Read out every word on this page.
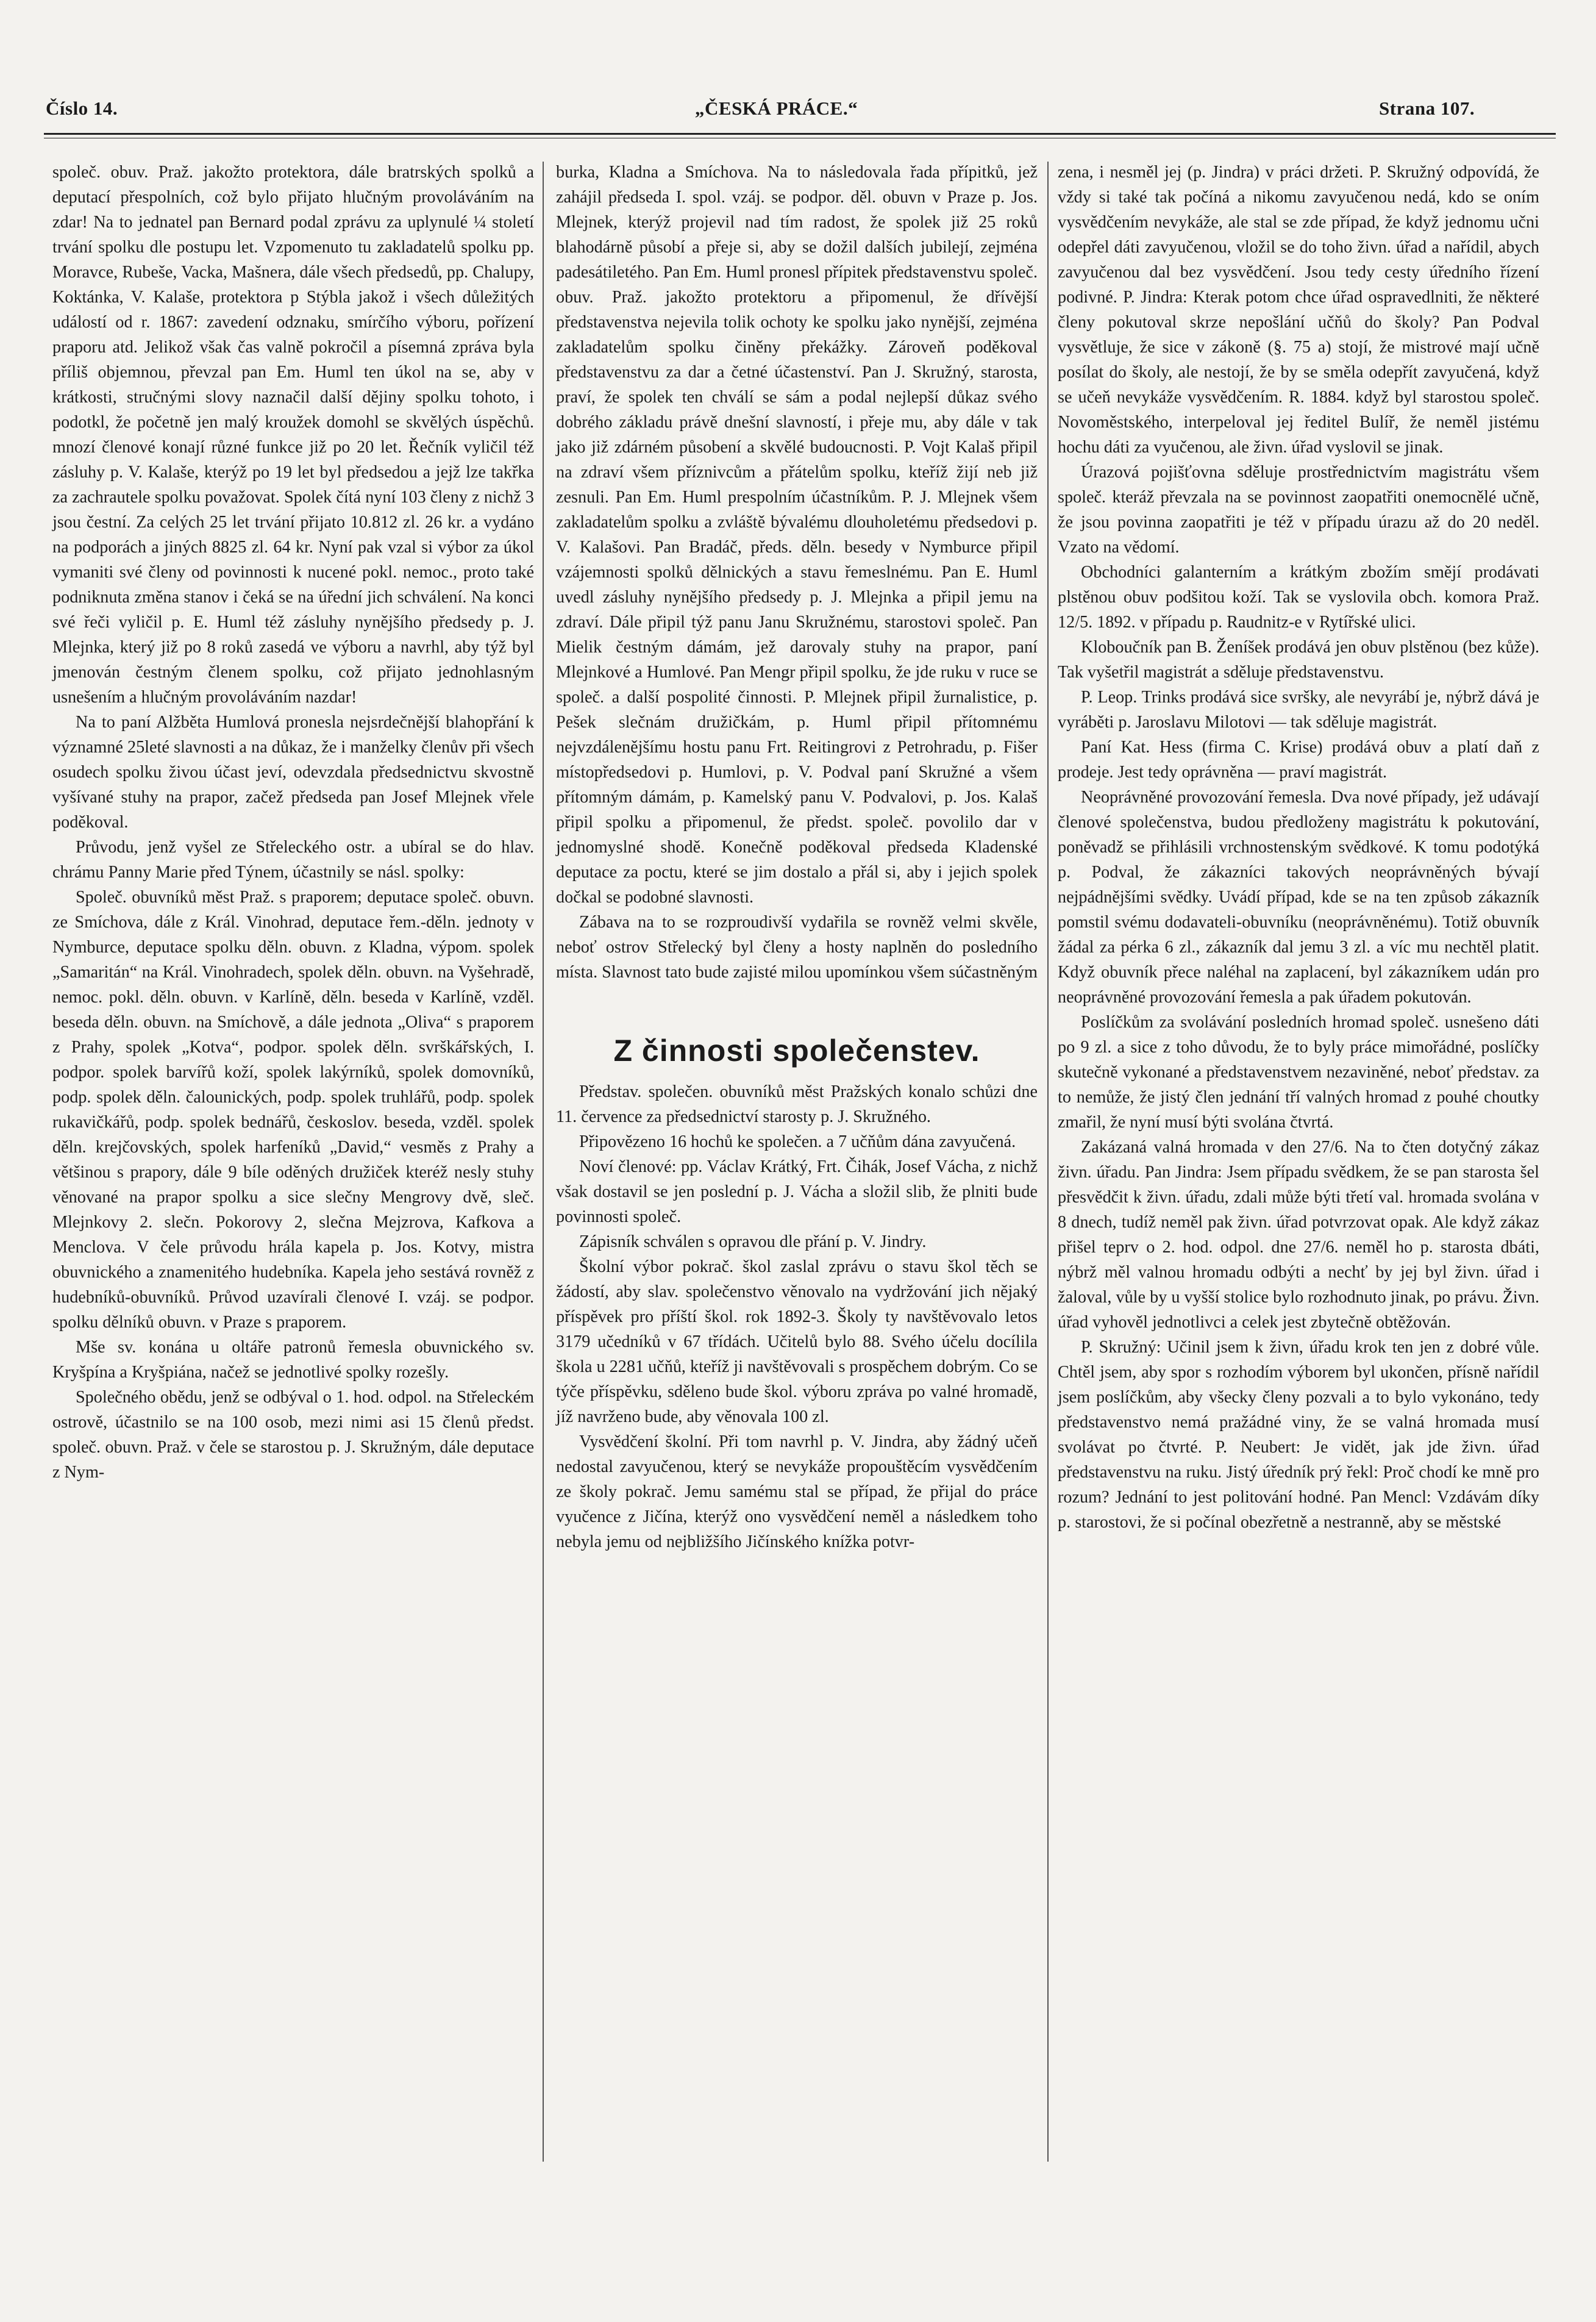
Číslo 14.	„ČESKÁ PRÁCE.“	Strana 107.

společ. obuv. Praž. jakožto protektora, dále bratrských spolků a deputací přespolních, což bylo přijato hlučným provoláváním na zdar! Na to jednatel pan Bernard podal zprávu za uplynulé ¼ století trvání spolku dle postupu let. Vzpomenuto tu zakladatelů spolku pp. Moravce, Rubeše, Vacka, Mašnera, dále všech předsedů, pp. Chalupy, Koktánka, V. Kalaše, protektora p Stýbla jakož i všech důležitých událostí od r. 1867: zavedení odznaku, smírčího výboru, pořízení praporu atd. Jelikož však čas valně pokročil a písemná zpráva byla příliš objemnou, převzal pan Em. Huml ten úkol na se, aby v krátkosti, stručnými slovy naznačil další dějiny spolku tohoto, i podotkl, že početně jen malý kroužek domohl se skvělých úspěchů. mnozí členové konají různé funkce již po 20 let. Řečník vyličil též zásluhy p. V. Kalaše, kterýž po 19 let byl předsedou a jejž lze takřka za zachrautele spolku považovat. Spolek čítá nyní 103 členy z nichž 3 jsou čestní. Za celých 25 let trvání přijato 10.812 zl. 26 kr. a vydáno na podporách a jiných 8825 zl. 64 kr. Nyní pak vzal si výbor za úkol vymaniti své členy od povinnosti k nucené pokl. nemoc., proto také podniknuta změna stanov i čeká se na úřední jich schválení. Na konci své řeči vyličil p. E. Huml též zásluhy nynějšího předsedy p. J. Mlejnka, který již po 8 roků zasedá ve výboru a navrhl, aby týž byl jmenován čestným členem spolku, což přijato jednohlasným usnešením a hlučným provoláváním nazdar!

Na to paní Alžběta Humlová pronesla nejsrdečnější blahopřání k významné 25leté slavnosti a na důkaz, že i manželky členův při všech osudech spolku živou účast jeví, odevzdala předsednictvu skvostně vyšívané stuhy na prapor, začež předseda pan Josef Mlejnek vřele poděkoval.

Průvodu, jenž vyšel ze Střeleckého ostr. a ubíral se do hlav. chrámu Panny Marie před Týnem, účastnily se násl. spolky:

Společ. obuvníků měst Praž. s praporem; deputace společ. obuvn. ze Smíchova, dále z Král. Vinohrad, deputace řem.-děln. jednoty v Nymburce, deputace spolku děln. obuvn. z Kladna, výpom. spolek „Samaritán“ na Král. Vinohradech, spolek děln. obuvn. na Vyšehradě, nemoc. pokl. děln. obuvn. v Karlíně, děln. beseda v Karlíně, vzděl. beseda děln. obuvn. na Smíchově, a dále jednota „Oliva“ s praporem z Prahy, spolek „Kotva“, podpor. spolek děln. svrškářských, I. podpor. spolek barvířů koží, spolek lakýrníků, spolek domovníků, podp. spolek děln. čalounických, podp. spolek truhlářů, podp. spolek rukavičkářů, podp. spolek bednářů, českoslov. beseda, vzděl. spolek děln. krejčovských, spolek harfeníků „David,“ vesměs z Prahy a většinou s prapory, dále 9 bíle oděných družiček kteréž nesly stuhy věnované na prapor spolku a sice slečny Mengrovy dvě, sleč. Mlejnkovy 2. slečn. Pokorovy 2, slečna Mejzrova, Kafkova a Menclova. V čele průvodu hrála kapela p. Jos. Kotvy, mistra obuvnického a znamenitého hudebníka. Kapela jeho sestává rovněž z hudebníků-obuvníků. Průvod uzavírali členové I. vzáj. se podpor. spolku dělníků obuvn. v Praze s praporem.

Mše sv. konána u oltáře patronů řemesla obuvnického sv. Kryšpína a Kryšpiána, načež se jednotlivé spolky rozešly.

Společného obědu, jenž se odbýval o 1. hod. odpol. na Střeleckém ostrově, účastnilo se na 100 osob, mezi nimi asi 15 členů předst. společ. obuvn. Praž. v čele se starostou p. J. Skružným, dále deputace z Nym-

burka, Kladna a Smíchova. Na to následovala řada přípitků, jež zahájil předseda I. spol. vzáj. se podpor. děl. obuvn v Praze p. Jos. Mlejnek, kterýž projevil nad tím radost, že spolek již 25 roků blahodárně působí a přeje si, aby se dožil dalších jubilejí, zejména padesátiletého. Pan Em. Huml pronesl přípitek představenstvu společ. obuv. Praž. jakožto protektoru a připomenul, že dřívější představenstva nejevila tolik ochoty ke spolku jako nynější, zejména zakladatelům spolku činěny překážky. Zároveň poděkoval představenstvu za dar a četné účastenství. Pan J. Skružný, starosta, praví, že spolek ten chválí se sám a podal nejlepší důkaz svého dobrého základu právě dnešní slavností, i přeje mu, aby dále v tak jako již zdárném působení a skvělé budoucnosti. P. Vojt Kalaš připil na zdraví všem příznivcům a přátelům spolku, kteříž žijí neb již zesnuli. Pan Em. Huml prespolním účastníkům. P. J. Mlejnek všem zakladatelům spolku a zvláště bývalému dlouholetému předsedovi p. V. Kalašovi. Pan Bradáč, předs. děln. besedy v Nymburce připil vzájemnosti spolků dělnických a stavu řemeslnému. Pan E. Huml uvedl zásluhy nynějšího předsedy p. J. Mlejnka a připil jemu na zdraví. Dále připil týž panu Janu Skružnému, starostovi společ. Pan Mielik čestným dámám, jež darovaly stuhy na prapor, paní Mlejnkové a Humlové. Pan Mengr připil spolku, že jde ruku v ruce se společ. a další pospolité činnosti. P. Mlejnek připil žurnalistice, p. Pešek slečnám družičkám, p. Huml připil přítomnému nejvzdálenějšímu hostu panu Frt. Reitingrovi z Petrohradu, p. Fišer místopředsedovi p. Humlovi, p. V. Podval paní Skružné a všem přítomným dámám, p. Kamelský panu V. Podvalovi, p. Jos. Kalaš připil spolku a připomenul, že předst. společ. povolilo dar v jednomyslné shodě. Konečně poděkoval předseda Kladenské deputace za poctu, které se jim dostalo a přál si, aby i jejich spolek dočkal se podobné slavnosti.

Zábava na to se rozproudivší vydařila se rovněž velmi skvěle, neboť ostrov Střelecký byl členy a hosty naplněn do posledního místa. Slavnost tato bude zajisté milou upomínkou všem súčastněným

Z činnosti společenstev.

Představ. společen. obuvníků měst Pražských konalo schůzi dne 11. července za předsednictví starosty p. J. Skružného.

Připovězeno 16 hochů ke společen. a 7 učňům dána zavyučená.

Noví členové: pp. Václav Krátký, Frt. Čihák, Josef Vácha, z nichž však dostavil se jen poslední p. J. Vácha a složil slib, že plniti bude povinnosti společ.

Zápisník schválen s opravou dle přání p. V. Jindry.

Školní výbor pokrač. škol zaslal zprávu o stavu škol těch se žádostí, aby slav. společenstvo věnovalo na vydržování jich nějaký příspěvek pro příští škol. rok 1892-3. Školy ty navštěvovalo letos 3179 učedníků v 67 třídách. Učitelů bylo 88. Svého účelu docílila škola u 2281 učňů, kteříž ji navštěvovali s prospěchem dobrým. Co se týče příspěvku, sděleno bude škol. výboru zpráva po valné hromadě, jíž navrženo bude, aby věnovala 100 zl.

Vysvědčení školní. Při tom navrhl p. V. Jindra, aby žádný učeň nedostal zavyučenou, který se nevykáže propouštěcím vysvědčením ze školy pokrač. Jemu samému stal se případ, že přijal do práce vyučence z Jičína, kterýž ono vysvědčení neměl a následkem toho nebyla jemu od nejbližšího Jičínského knížka potvr-

zena, i nesměl jej (p. Jindra) v práci držeti. P. Skružný odpovídá, že vždy si také tak počíná a nikomu zavyučenou nedá, kdo se oním vysvědčením nevykáže, ale stal se zde případ, že když jednomu učni odepřel dáti zavyučenou, vložil se do toho živn. úřad a nařídil, abych zavyučenou dal bez vysvědčení. Jsou tedy cesty úředního řízení podivné. P. Jindra: Kterak potom chce úřad ospravedlniti, že některé členy pokutoval skrze nepošlání učňů do školy? Pan Podval vysvětluje, že sice v zákoně (§. 75 a) stojí, že mistrové mají učně posílat do školy, ale nestojí, že by se směla odepřít zavyučená, když se učeň nevykáže vysvědčením. R. 1884. když byl starostou společ. Novoměstského, interpeloval jej ředitel Bulíř, že neměl jistému hochu dáti za vyučenou, ale živn. úřad vyslovil se jinak.

Úrazová pojišťovna sděluje prostřednictvím magistrátu všem společ. kteráž převzala na se povinnost zaopatřiti onemocnělé učně, že jsou povinna zaopatřiti je též v případu úrazu až do 20 neděl. Vzato na vědomí.

Obchodníci galanterním a krátkým zbožím smějí prodávati plstěnou obuv podšitou koží. Tak se vyslovila obch. komora Praž. 12/5. 1892. v případu p. Raudnitz-e v Rytířské ulici.

Kloboučník pan B. Ženíšek prodává jen obuv plstěnou (bez kůže). Tak vyšetřil magistrát a sděluje představenstvu.

P. Leop. Trinks prodává sice svršky, ale nevyrábí je, nýbrž dává je vyráběti p. Jaroslavu Milotovi — tak sděluje magistrát.

Paní Kat. Hess (firma C. Krise) prodává obuv a platí daň z prodeje. Jest tedy oprávněna — praví magistrát.

Neoprávněné provozování řemesla. Dva nové případy, jež udávají členové společenstva, budou předloženy magistrátu k pokutování, poněvadž se přihlásili vrchnostenským svědkové. K tomu podotýká p. Podval, že zákazníci takových neoprávněných bývají nejpádnějšími svědky. Uvádí případ, kde se na ten způsob zákazník pomstil svému dodavateli-obuvníku (neoprávněnému). Totiž obuvník žádal za pérka 6 zl., zákazník dal jemu 3 zl. a víc mu nechtěl platit. Když obuvník přece naléhal na zaplacení, byl zákazníkem udán pro neoprávněné provozování řemesla a pak úřadem pokutován.

Poslíčkům za svolávání posledních hromad společ. usnešeno dáti po 9 zl. a sice z toho důvodu, že to byly práce mimořádné, poslíčky skutečně vykonané a představenstvem nezaviněné, neboť představ. za to nemůže, že jistý člen jednání tří valných hromad z pouhé choutky zmařil, že nyní musí býti svolána čtvrtá.

Zakázaná valná hromada v den 27/6. Na to čten dotyčný zákaz živn. úřadu. Pan Jindra: Jsem případu svědkem, že se pan starosta šel přesvědčit k živn. úřadu, zdali může býti třetí val. hromada svolána v 8 dnech, tudíž neměl pak živn. úřad potvrzovat opak. Ale když zákaz přišel teprv o 2. hod. odpol. dne 27/6. neměl ho p. starosta dbáti, nýbrž měl valnou hromadu odbýti a nechť by jej byl živn. úřad i žaloval, vůle by u vyšší stolice bylo rozhodnuto jinak, po právu. Živn. úřad vyhověl jednotlivci a celek jest zbytečně obtěžován.

P. Skružný: Učinil jsem k živn, úřadu krok ten jen z dobré vůle. Chtěl jsem, aby spor s rozhodím výborem byl ukončen, přísně nařídil jsem poslíčkům, aby všecky členy pozvali a to bylo vykonáno, tedy představenstvo nemá pražádné viny, že se valná hromada musí svolávat po čtvrté. P. Neubert: Je vidět, jak jde živn. úřad představenstvu na ruku. Jistý úředník prý řekl: Proč chodí ke mně pro rozum? Jednání to jest politování hodné. Pan Mencl: Vzdávám díky p. starostovi, že si počínal obezřetně a nestranně, aby se městské
